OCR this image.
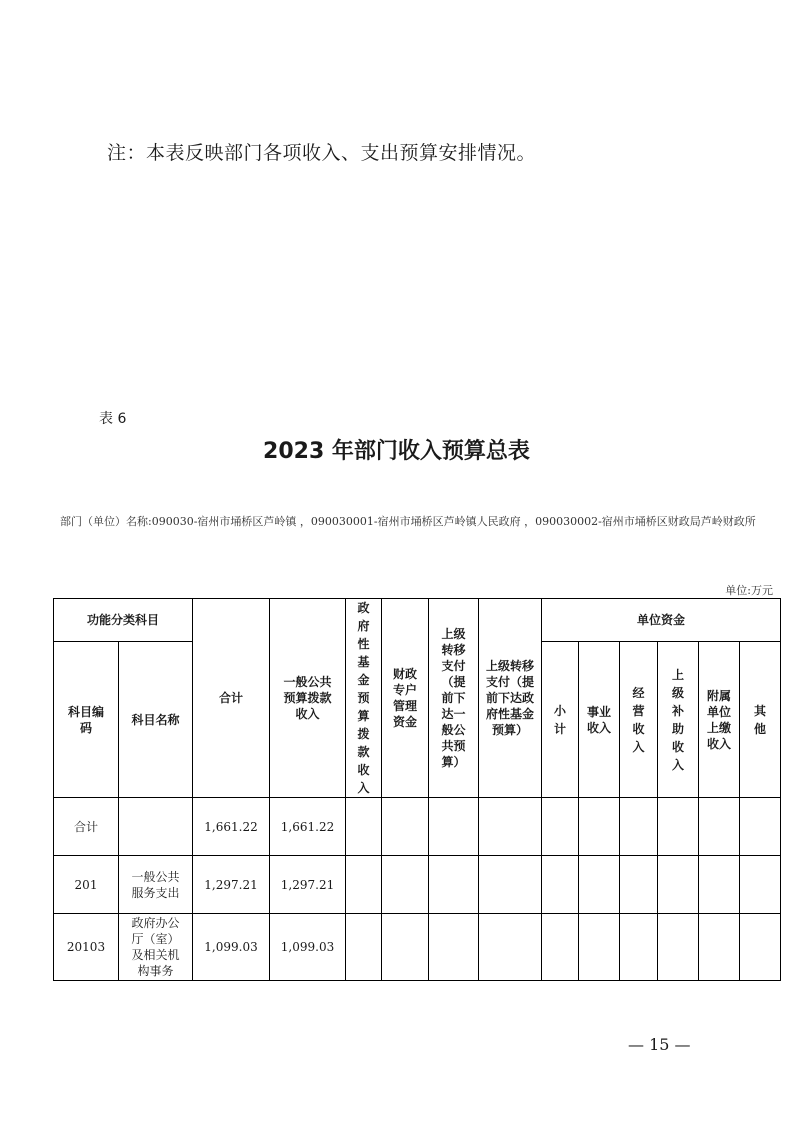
注：本表反映部门各项收入、支出预算安排情况。
表 6
2023 年部门收入预算总表
部门（单位）名称:090030-宿州市埇桥区芦岭镇 ，090030001-宿州市埇桥区芦岭镇人民政府 ，090030002-宿州市埇桥区财政局芦岭财政所
单位:万元
功能分类科目		合计	一般公共预算拨款收入	政府性基金预算拨款收入	财政专户管理资金	上级转移支付（提前下达一般公共预算）	上级转移支付（提前下达政府性基金预算）	单位资金					
科目编码	科目名称							小计	事业收入	经营收入	上级补助收入	附属单位上缴收入	其他
合计		1,661.22	1,661.22										
201	一般公共服务支出	1,297.21	1,297.21										
20103	政府办公厅（室）及相关机构事务	1,099.03	1,099.03										
— 15 —
